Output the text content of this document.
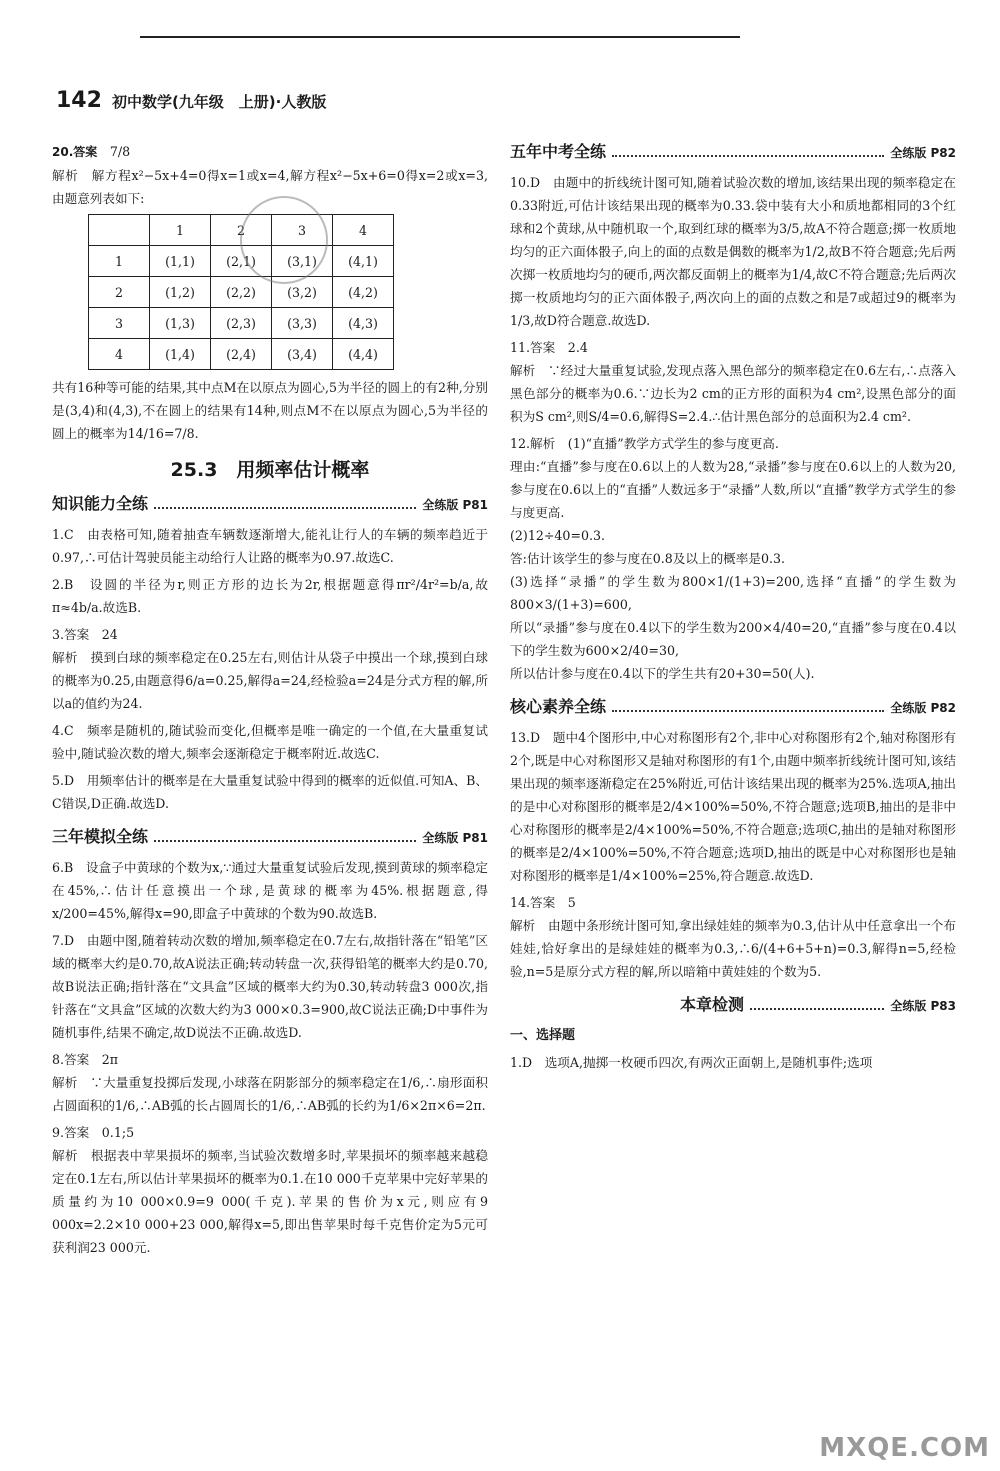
142 初中数学(九年级　上册)·人教版

20.答案　 7/8

解析　解方程x²−5x+4=0得x=1或x=4,解方程x²−5x+6=0得x=2或x=3,由题意列表如下:

	1	2	3	4
1	(1,1)	(2,1)	(3,1)	(4,1)
2	(1,2)	(2,2)	(3,2)	(4,2)
3	(1,3)	(2,3)	(3,3)	(4,3)
4	(1,4)	(2,4)	(3,4)	(4,4)

共有16种等可能的结果,其中点M在以原点为圆心,5为半径的圆上的有2种,分别是(3,4)和(4,3),不在圆上的结果有14种,则点M不在以原点为圆心,5为半径的圆上的概率为14/16=7/8.

25.3　用频率估计概率
知识能力全练	全练版 P81

1.C　由表格可知,随着抽查车辆数逐渐增大,能礼让行人的车辆的频率趋近于0.97,∴可估计驾驶员能主动给行人让路的概率为0.97.故选C.

2.B　设圆的半径为r,则正方形的边长为2r,根据题意得πr²/4r²=b/a,故π≈4b/a.故选B.

3.答案　24

解析　摸到白球的频率稳定在0.25左右,则估计从袋子中摸出一个球,摸到白球的概率为0.25,由题意得6/a=0.25,解得a=24,经检验a=24是分式方程的解,所以a的值约为24.

4.C　频率是随机的,随试验而变化,但概率是唯一确定的一个值,在大量重复试验中,随试验次数的增大,频率会逐渐稳定于概率附近.故选C.

5.D　用频率估计的概率是在大量重复试验中得到的概率的近似值.可知A、B、C错误,D正确.故选D.

三年模拟全练	全练版 P81

6.B　设盒子中黄球的个数为x,∵通过大量重复试验后发现,摸到黄球的频率稳定在45%,∴估计任意摸出一个球,是黄球的概率为45%.根据题意,得x/200=45%,解得x=90,即盒子中黄球的个数为90.故选B.

7.D　由题中图,随着转动次数的增加,频率稳定在0.7左右,故指针落在“铅笔”区域的概率大约是0.70,故A说法正确;转动转盘一次,获得铅笔的概率大约是0.70,故B说法正确;指针落在“文具盒”区域的概率大约为0.30,转动转盘3 000次,指针落在“文具盒”区域的次数大约为3 000×0.3=900,故C说法正确;D中事件为随机事件,结果不确定,故D说法不正确.故选D.

8.答案　2π

解析　∵大量重复投掷后发现,小球落在阴影部分的频率稳定在1/6,∴扇形面积占圆面积的1/6,∴AB弧的长占圆周长的1/6,∴AB弧的长约为1/6×2π×6=2π.

9.答案　0.1;5

解析　根据表中苹果损坏的频率,当试验次数增多时,苹果损坏的频率越来越稳定在0.1左右,所以估计苹果损坏的概率为0.1.在10 000千克苹果中完好苹果的质量约为10 000×0.9=9 000(千克).苹果的售价为x元,则应有9 000x=2.2×10 000+23 000,解得x=5,即出售苹果时每千克售价定为5元可获利润23 000元.

五年中考全练	全练版 P82

10.D　由题中的折线统计图可知,随着试验次数的增加,该结果出现的频率稳定在0.33附近,可估计该结果出现的概率为0.33.袋中装有大小和质地都相同的3个红球和2个黄球,从中随机取一个,取到红球的概率为3/5,故A不符合题意;掷一枚质地均匀的正六面体骰子,向上的面的点数是偶数的概率为1/2,故B不符合题意;先后两次掷一枚质地均匀的硬币,两次都反面朝上的概率为1/4,故C不符合题意;先后两次掷一枚质地均匀的正六面体骰子,两次向上的面的点数之和是7或超过9的概率为1/3,故D符合题意.故选D.

11.答案　2.4

解析　∵经过大量重复试验,发现点落入黑色部分的频率稳定在0.6左右,∴点落入黑色部分的概率为0.6.∵边长为2 cm的正方形的面积为4 cm²,设黑色部分的面积为S cm²,则S/4=0.6,解得S=2.4.∴估计黑色部分的总面积为2.4 cm².

12.解析　(1)“直播”教学方式学生的参与度更高.

理由:“直播”参与度在0.6以上的人数为28,“录播”参与度在0.6以上的人数为20,参与度在0.6以上的“直播”人数远多于“录播”人数,所以“直播”教学方式学生的参与度更高.

(2)12÷40=0.3.

答:估计该学生的参与度在0.8及以上的概率是0.3.

(3)选择“录播”的学生数为800×1/(1+3)=200,选择“直播”的学生数为800×3/(1+3)=600,

所以“录播”参与度在0.4以下的学生数为200×4/40=20,“直播”参与度在0.4以下的学生数为600×2/40=30,

所以估计参与度在0.4以下的学生共有20+30=50(人).

核心素养全练	全练版 P82

13.D　题中4个图形中,中心对称图形有2个,非中心对称图形有2个,轴对称图形有2个,既是中心对称图形又是轴对称图形的有1个,由题中频率折线统计图可知,该结果出现的频率逐渐稳定在25%附近,可估计该结果出现的概率为25%.选项A,抽出的是中心对称图形的概率是2/4×100%=50%,不符合题意;选项B,抽出的是非中心对称图形的概率是2/4×100%=50%,不符合题意;选项C,抽出的是轴对称图形的概率是2/4×100%=50%,不符合题意;选项D,抽出的既是中心对称图形也是轴对称图形的概率是1/4×100%=25%,符合题意.故选D.

14.答案　5

解析　由题中条形统计图可知,拿出绿娃娃的频率为0.3,估计从中任意拿出一个布娃娃,恰好拿出的是绿娃娃的概率为0.3,∴6/(4+6+5+n)=0.3,解得n=5,经检验,n=5是原分式方程的解,所以暗箱中黄娃娃的个数为5.

本章检测	全练版 P83

一、选择题

1.D　选项A,抛掷一枚硬币四次,有两次正面朝上,是随机事件;选项

MXQE.COM
